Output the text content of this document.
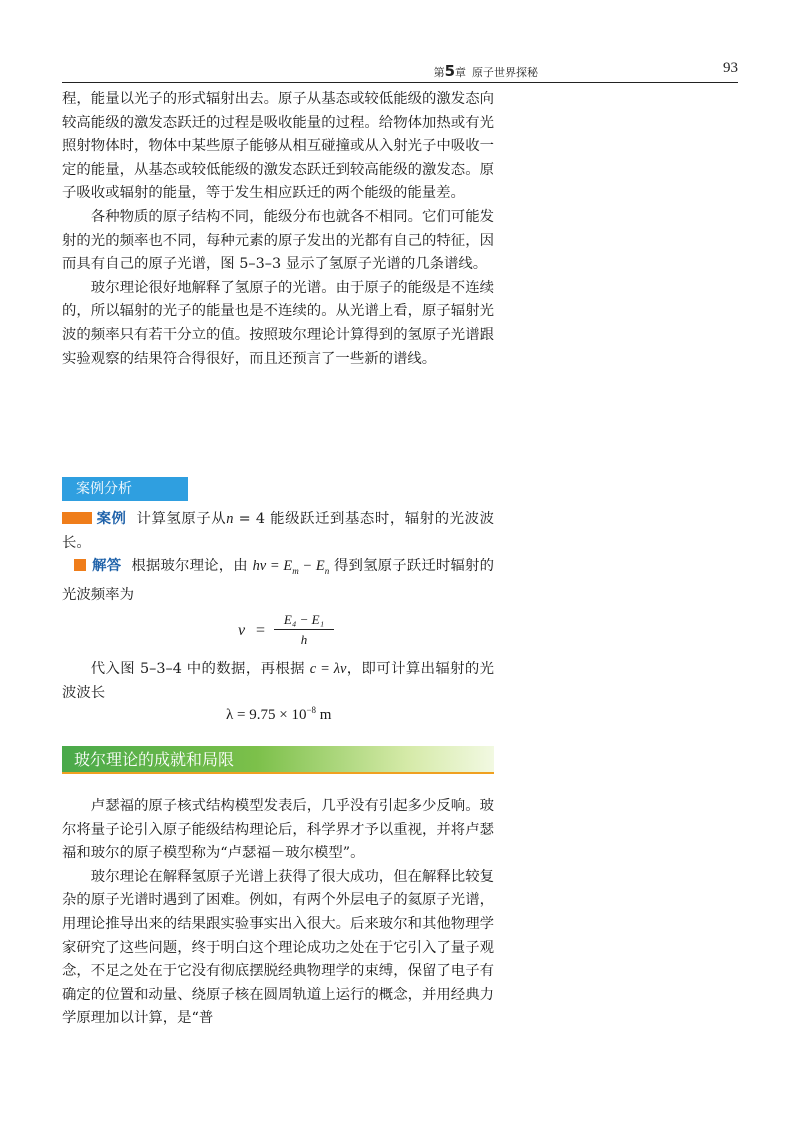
第5章 原子世界探秘	93

程，能量以光子的形式辐射出去。原子从基态或较低能级的激发态向较高能级的激发态跃迁的过程是吸收能量的过程。给物体加热或有光照射物体时，物体中某些原子能够从相互碰撞或从入射光子中吸收一定的能量，从基态或较低能级的激发态跃迁到较高能级的激发态。原子吸收或辐射的能量，等于发生相应跃迁的两个能级的能量差。

各种物质的原子结构不同，能级分布也就各不相同。它们可能发射的光的频率也不同，每种元素的原子发出的光都有自己的特征，因而具有自己的原子光谱，图 5–3–3 显示了氢原子光谱的几条谱线。

玻尔理论很好地解释了氢原子的光谱。由于原子的能级是不连续的，所以辐射的光子的能量也是不连续的。从光谱上看，原子辐射光波的频率只有若干分立的值。按照玻尔理论计算得到的氢原子光谱跟实验观察的结果符合得很好，而且还预言了一些新的谱线。

案例分析

案例 计算氢原子从n = 4 能级跃迁到基态时，辐射的光波波长。

解答 根据玻尔理论，由 $h\nu = E_m - E_n$ 得到氢原子跃迁时辐射的光波频率为

$\nu = \frac{\text{E₄ − E₁}}{h}$

代入图 5–3–4 中的数据，再根据 c = λν，即可计算出辐射的光波波长

$\lambda = 9.75 \times 10^{-8}$ m
玻尔理论的成就和局限

卢瑟福的原子核式结构模型发表后，几乎没有引起多少反响。玻尔将量子论引入原子能级结构理论后，科学界才予以重视，并将卢瑟福和玻尔的原子模型称为“卢瑟福－玻尔模型”。

玻尔理论在解释氢原子光谱上获得了很大成功，但在解释比较复杂的原子光谱时遇到了困难。例如，有两个外层电子的氦原子光谱，用理论推导出来的结果跟实验事实出入很大。后来玻尔和其他物理学家研究了这些问题，终于明白这个理论成功之处在于它引入了量子观念，不足之处在于它没有彻底摆脱经典物理学的束缚，保留了电子有确定的位置和动量、绕原子核在圆周轨道上运行的概念，并用经典力学原理加以计算，是“普
